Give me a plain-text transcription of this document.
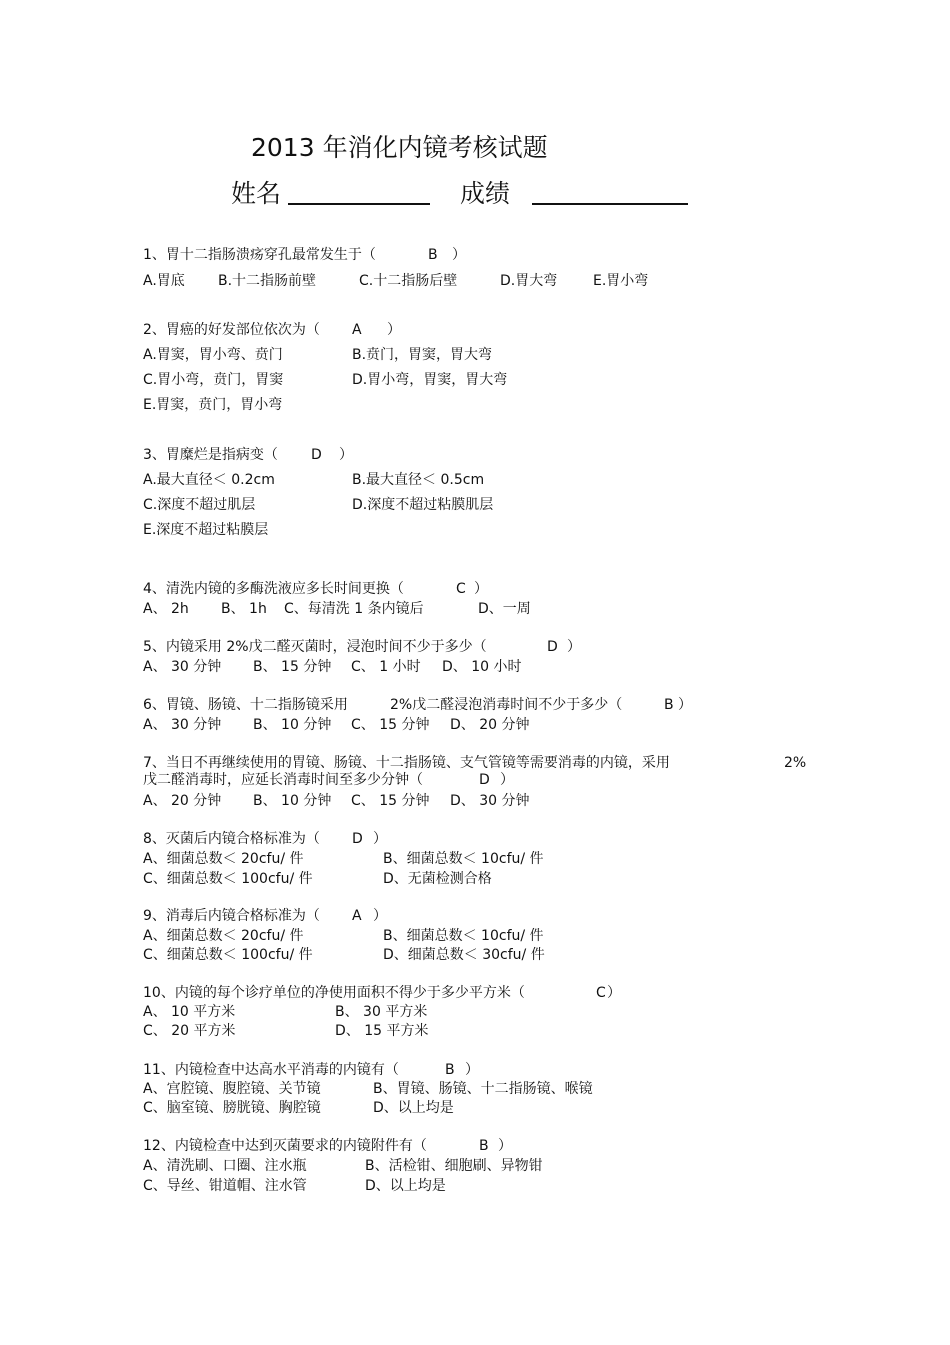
2013 年消化内镜考核试题
姓名	成绩
1、胃十二指肠溃疡穿孔最常发生于（	B ）
A.胃底 B.十二指肠前壁	C.十二指肠后壁	D.胃大弯	E.胃小弯
2、胃癌的好发部位依次为（ A ）
A.胃窦，胃小弯、贲门	B.贲门，胃窦，胃大弯
C.胃小弯，贲门，胃窦	D.胃小弯，胃窦，胃大弯
E.胃窦，贲门，胃小弯
3、胃糜烂是指病变（ D ）
A.最大直径＜ 0.2cm	B.最大直径＜ 0.5cm
C.深度不超过肌层	D.深度不超过粘膜肌层
E.深度不超过粘膜层
4、清洗内镜的多酶洗液应多长时间更换（	C ）
A、 2h B、 1h C、每清洗 1 条内镜后	D、一周
5、内镜采用 2%戊二醛灭菌时，浸泡时间不少于多少（	D ）
A、 30 分钟 B、 15 分钟 C、 1 小时 D、 10 小时
6、胃镜、肠镜、十二指肠镜采用	2%戊二醛浸泡消毒时间不少于多少（	B ）
A、 30 分钟 B、 10 分钟 C、 15 分钟 D、 20 分钟
7、当日不再继续使用的胃镜、肠镜、十二指肠镜、支气管镜等需要消毒的内镜，采用	2%
戊二醛消毒时，应延长消毒时间至多少分钟（	D ）
A、 20 分钟 B、 10 分钟 C、 15 分钟 D、 30 分钟
8、灭菌后内镜合格标准为（ D ）
A、细菌总数＜ 20cfu/ 件	B、细菌总数＜ 10cfu/ 件
C、细菌总数＜ 100cfu/ 件	D、无菌检测合格
9、消毒后内镜合格标准为（ A ）
A、细菌总数＜ 20cfu/ 件	B、细菌总数＜ 10cfu/ 件
C、细菌总数＜ 100cfu/ 件	D、细菌总数＜ 30cfu/ 件
10、内镜的每个诊疗单位的净使用面积不得少于多少平方米（	C ）
A、 10 平方米	B、 30 平方米
C、 20 平方米	D、 15 平方米
11、内镜检查中达高水平消毒的内镜有（	B ）
A、宫腔镜、腹腔镜、关节镜	B、胃镜、肠镜、十二指肠镜、喉镜
C、脑室镜、膀胱镜、胸腔镜	D、以上均是
12、内镜检查中达到灭菌要求的内镜附件有（	B ）
A、清洗刷、口圈、注水瓶	B、活检钳、细胞刷、异物钳
C、导丝、钳道帽、注水管	D、以上均是
